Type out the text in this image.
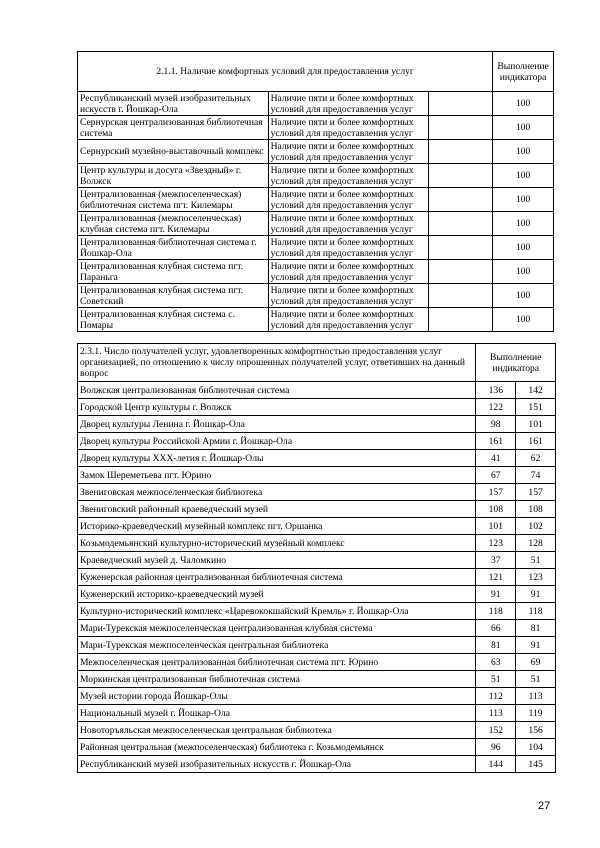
2.1.1. Наличие комфортных условий для предоставления услуг			Выполнение индикатора
Республиканский музей изобразительных искусств г. Йошкар-Ола	Наличие пяти и более комфортных условий для предоставления услуг		100
Сернурская централизованная библиотечная система	Наличие пяти и более комфортных условий для предоставления услуг		100
Сернурский музейно-выставочный комплекс	Наличие пяти и более комфортных условий для предоставления услуг		100
Центр культуры и досуга «Звездный» г. Волжск	Наличие пяти и более комфортных условий для предоставления услуг		100
Централизованная (межпоселенческая) библиотечная система пгт. Килемары	Наличие пяти и более комфортных условий для предоставления услуг		100
Централизованная (межпоселенческая) клубная система пгт. Килемары	Наличие пяти и более комфортных условий для предоставления услуг		100
Централизованная библиотечная система г. Йошкар-Ола	Наличие пяти и более комфортных условий для предоставления услуг		100
Централизованная клубная система пгт. Параньга	Наличие пяти и более комфортных условий для предоставления услуг		100
Централизованная клубная система пгт. Советский	Наличие пяти и более комфортных условий для предоставления услуг		100
Централизованная клубная система с. Помары	Наличие пяти и более комфортных условий для предоставления услуг		100
2.3.1. Число получателей услуг, удовлетворенных комфортностью предоставления услуг организацией, по отношению к числу опрошенных получателей услуг, ответивших на данный вопрос	Выполнение индикатора	
Волжская централизованная библиотечная система	136	142
Городской Центр культуры г. Волжск	122	151
Дворец культуры Ленина г. Йошкар-Ола	98	101
Дворец культуры Российской Армии г. Йошкар-Ола	161	161
Дворец культуры XXX-летия г. Йошкар-Олы	41	62
Замок Шереметьева пгт. Юрино	67	74
Звениговская межпоселенческая библиотека	157	157
Звениговский районный краеведческий музей	108	108
Историко-краеведческий музейный комплекс пгт. Оршанка	101	102
Козьмодемьянский культурно-исторический музейный комплекс	123	128
Краеведческий музей д. Чаломкино	37	51
Куженерская районная централизованная библиотечная система	121	123
Куженерский историко-краеведческий музей	91	91
Культурно-исторический комплекс «Царевококшайский Кремль» г. Йошкар-Ола	118	118
Мари-Турекская межпоселенческая централизованная клубная система	66	81
Мари-Турекская межпоселенческая центральная библиотека	81	91
Межпоселенческая централизованная библиотечная система пгт. Юрино	63	69
Моркинская централизованная библиотечная система	51	51
Музей истории города Йошкар-Олы	112	113
Национальный музей г. Йошкар-Ола	113	119
Новоторъяльская межпоселенческая центральная библиотека	152	156
Районная центральная (межпоселенческая) библиотека г. Козьмодемьянск	96	104
Республиканский музей изобразительных искусств г. Йошкар-Ола	144	145
27
